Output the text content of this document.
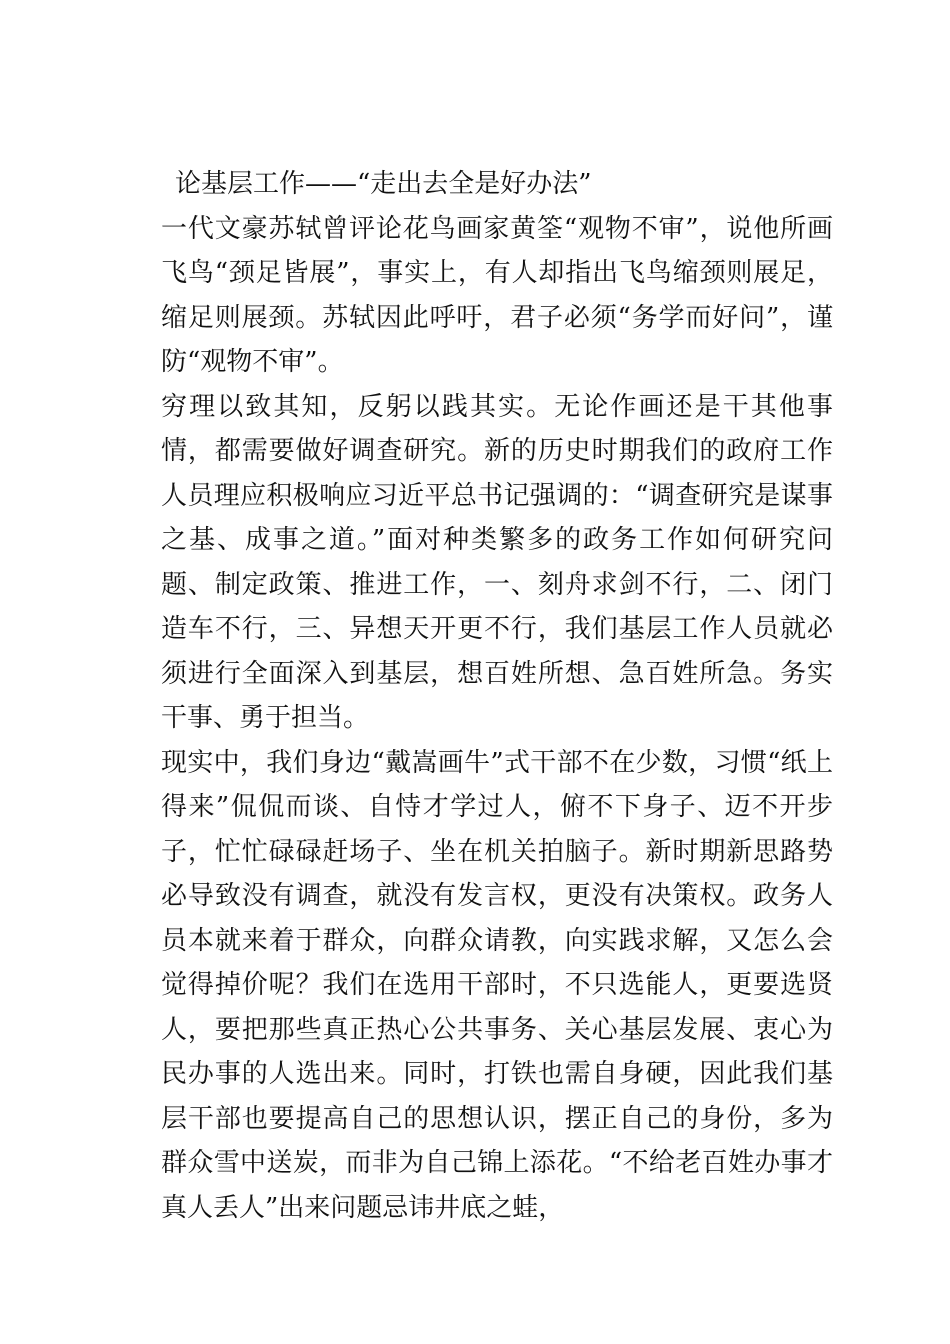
论基层工作——“走出去全是好办法”

一代文豪苏轼曾评论花鸟画家黄筌“观物不审”，说他所画飞鸟“颈足皆展”，事实上，有人却指出飞鸟缩颈则展足，缩足则展颈。苏轼因此呼吁，君子必须“务学而好问”，谨防“观物不审”。

穷理以致其知，反躬以践其实。无论作画还是干其他事情，都需要做好调查研究。新的历史时期我们的政府工作人员理应积极响应习近平总书记强调的：“调查研究是谋事之基、成事之道。”面对种类繁多的政务工作如何研究问题、制定政策、推进工作，一、刻舟求剑不行，二、闭门造车不行，三、异想天开更不行，我们基层工作人员就必须进行全面深入到基层，想百姓所想、急百姓所急。务实干事、勇于担当。

现实中，我们身边“戴嵩画牛”式干部不在少数，习惯“纸上得来”侃侃而谈、自恃才学过人，俯不下身子、迈不开步子，忙忙碌碌赶场子、坐在机关拍脑子。新时期新思路势必导致没有调查，就没有发言权，更没有决策权。政务人员本就来着于群众，向群众请教，向实践求解，又怎么会觉得掉价呢？我们在选用干部时，不只选能人，更要选贤人，要把那些真正热心公共事务、关心基层发展、衷心为民办事的人选出来。同时，打铁也需自身硬，因此我们基层干部也要提高自己的思想认识，摆正自己的身份，多为群众雪中送炭，而非为自己锦上添花。“不给老百姓办事才真人丢人”出来问题忌讳井底之蛙，
